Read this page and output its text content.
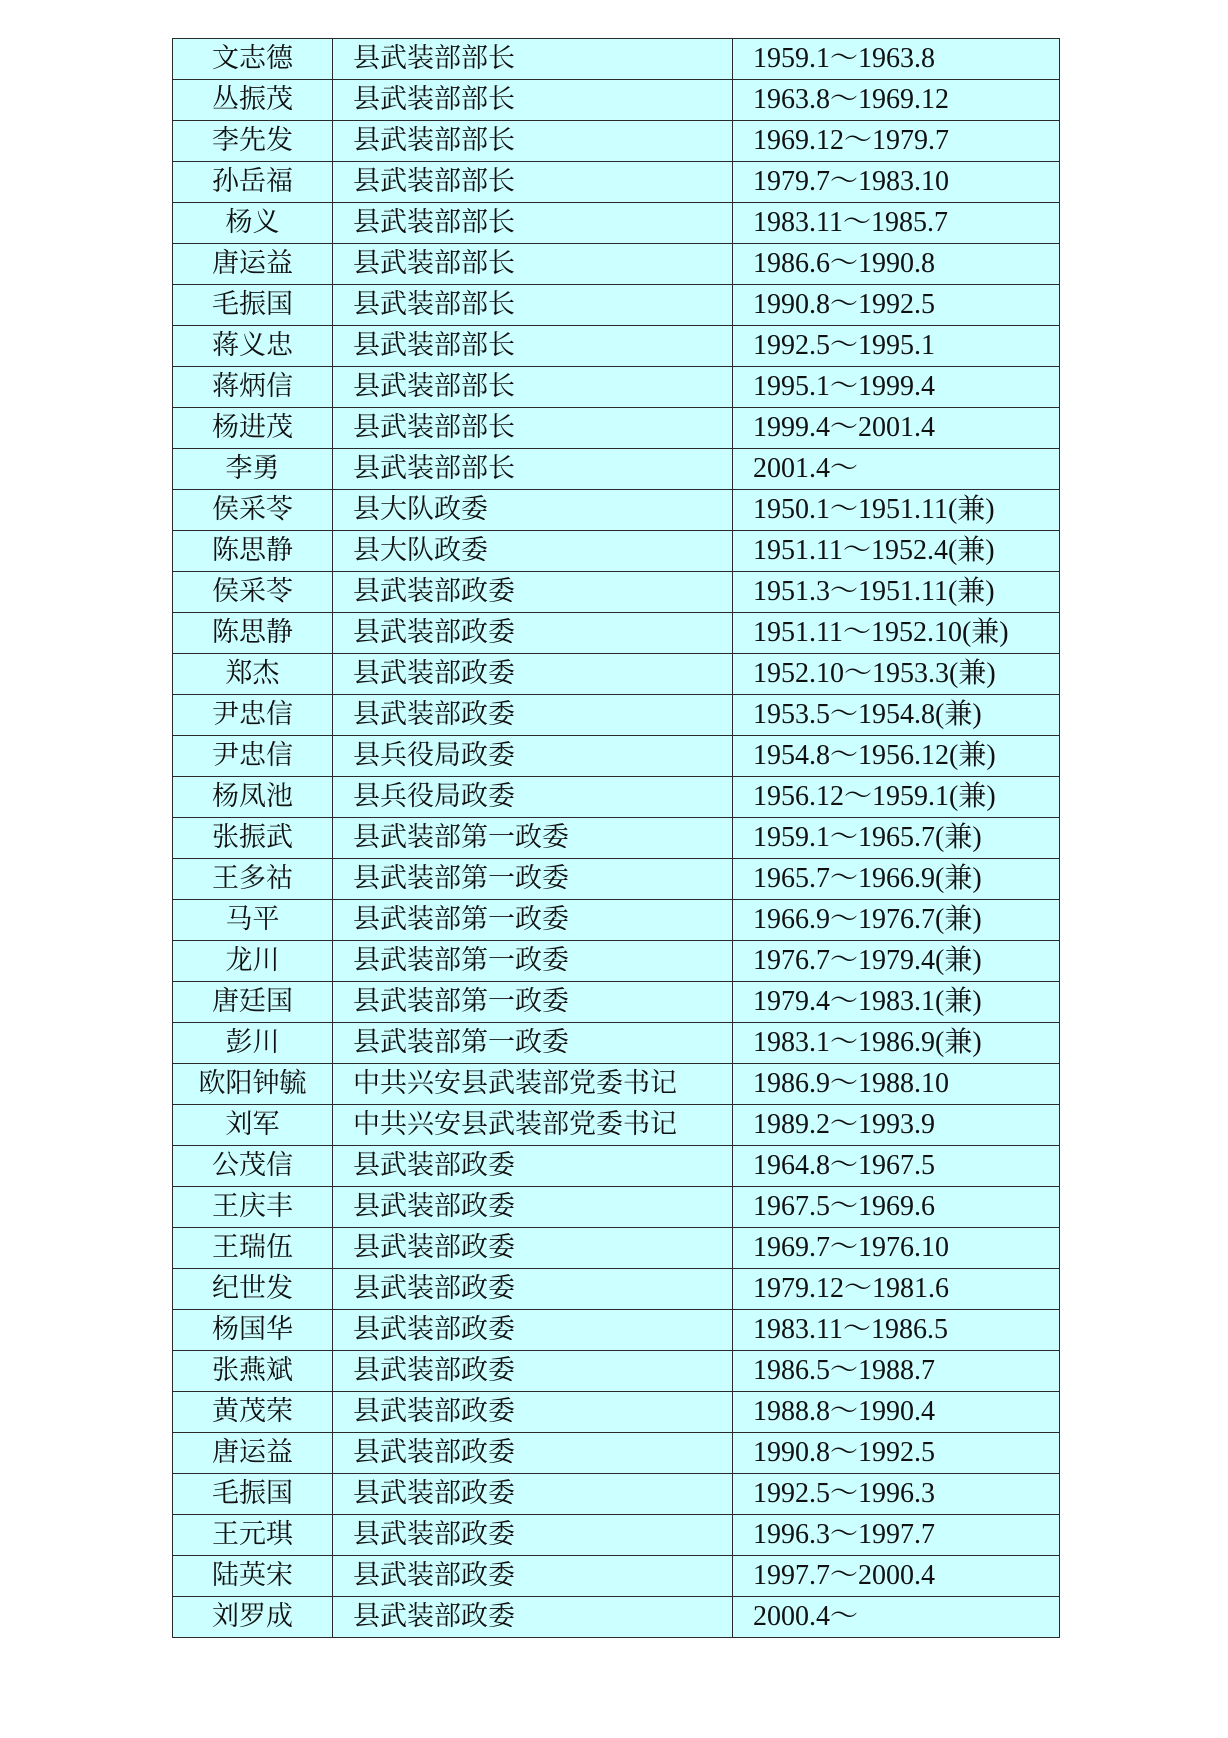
文志德	县武装部部长	1959.1～1963.8
丛振茂	县武装部部长	1963.8～1969.12
李先发	县武装部部长	1969.12～1979.7
孙岳福	县武装部部长	1979.7～1983.10
杨义	县武装部部长	1983.11～1985.7
唐运益	县武装部部长	1986.6～1990.8
毛振国	县武装部部长	1990.8～1992.5
蒋义忠	县武装部部长	1992.5～1995.1
蒋炳信	县武装部部长	1995.1～1999.4
杨进茂	县武装部部长	1999.4～2001.4
李勇	县武装部部长	2001.4～
侯采苓	县大队政委	1950.1～1951.11(兼)
陈思静	县大队政委	1951.11～1952.4(兼)
侯采苓	县武装部政委	1951.3～1951.11(兼)
陈思静	县武装部政委	1951.11～1952.10(兼)
郑杰	县武装部政委	1952.10～1953.3(兼)
尹忠信	县武装部政委	1953.5～1954.8(兼)
尹忠信	县兵役局政委	1954.8～1956.12(兼)
杨凤池	县兵役局政委	1956.12～1959.1(兼)
张振武	县武装部第一政委	1959.1～1965.7(兼)
王多祜	县武装部第一政委	1965.7～1966.9(兼)
马平	县武装部第一政委	1966.9～1976.7(兼)
龙川	县武装部第一政委	1976.7～1979.4(兼)
唐廷国	县武装部第一政委	1979.4～1983.1(兼)
彭川	县武装部第一政委	1983.1～1986.9(兼)
欧阳钟毓	中共兴安县武装部党委书记	1986.9～1988.10
刘军	中共兴安县武装部党委书记	1989.2～1993.9
公茂信	县武装部政委	1964.8～1967.5
王庆丰	县武装部政委	1967.5～1969.6
王瑞伍	县武装部政委	1969.7～1976.10
纪世发	县武装部政委	1979.12～1981.6
杨国华	县武装部政委	1983.11～1986.5
张燕斌	县武装部政委	1986.5～1988.7
黄茂荣	县武装部政委	1988.8～1990.4
唐运益	县武装部政委	1990.8～1992.5
毛振国	县武装部政委	1992.5～1996.3
王元琪	县武装部政委	1996.3～1997.7
陆英宋	县武装部政委	1997.7～2000.4
刘罗成	县武装部政委	2000.4～
